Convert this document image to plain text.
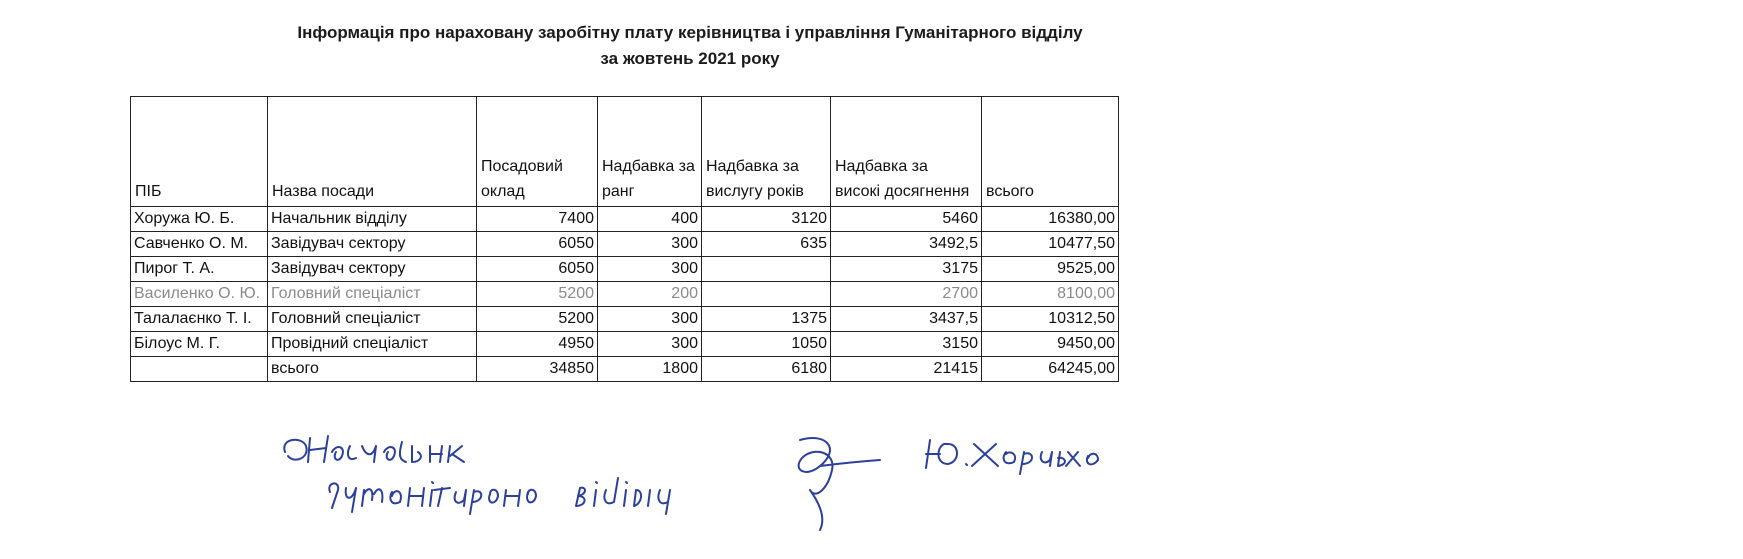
Інформація про нараховану заробітну плату керівництва і управління Гуманітарного відділу
за жовтень 2021 року
ПІБ	Назва посади	Посадовий оклад	Надбавка за ранг	Надбавка за вислугу років	Надбавка за високі досягнення	всього
Хоружа Ю. Б.	Начальник відділу	7400	400	3120	5460	16380,00
Савченко О. М.	Завідувач сектору	6050	300	635	3492,5	10477,50
Пирог Т. А.	Завідувач сектору	6050	300		3175	9525,00
Василенко О. Ю.	Головний спеціаліст	5200	200		2700	8100,00
Талалаєнко Т. І.	Головний спеціаліст	5200	300	1375	3437,5	10312,50
Білоус М. Г.	Провідний спеціаліст	4950	300	1050	3150	9450,00
	всього	34850	1800	6180	21415	64245,00
